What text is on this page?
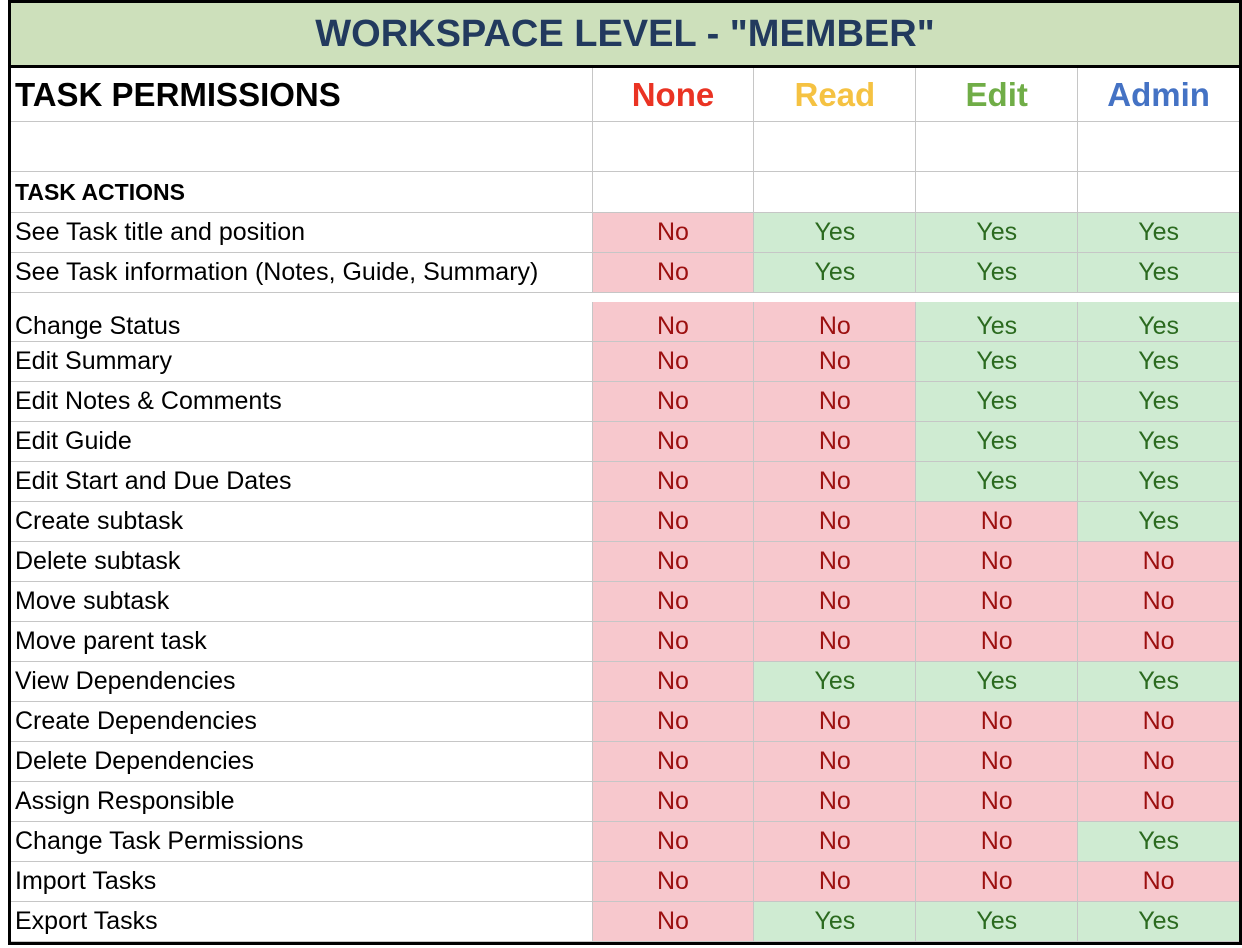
WORKSPACE LEVEL - "MEMBER"
TASK PERMISSIONS	None	Read	Edit	Admin
TASK ACTIONS
See Task title and position	No	Yes	Yes	Yes
See Task information (Notes, Guide, Summary)	No	Yes	Yes	Yes
Change Status	No	No	Yes	Yes
Edit Summary	No	No	Yes	Yes
Edit Notes & Comments	No	No	Yes	Yes
Edit Guide	No	No	Yes	Yes
Edit Start and Due Dates	No	No	Yes	Yes
Create subtask	No	No	No	Yes
Delete subtask	No	No	No	No
Move subtask	No	No	No	No
Move parent task	No	No	No	No
View Dependencies	No	Yes	Yes	Yes
Create Dependencies	No	No	No	No
Delete Dependencies	No	No	No	No
Assign Responsible	No	No	No	No
Change Task Permissions	No	No	No	Yes
Import Tasks	No	No	No	No
Export Tasks	No	Yes	Yes	Yes
